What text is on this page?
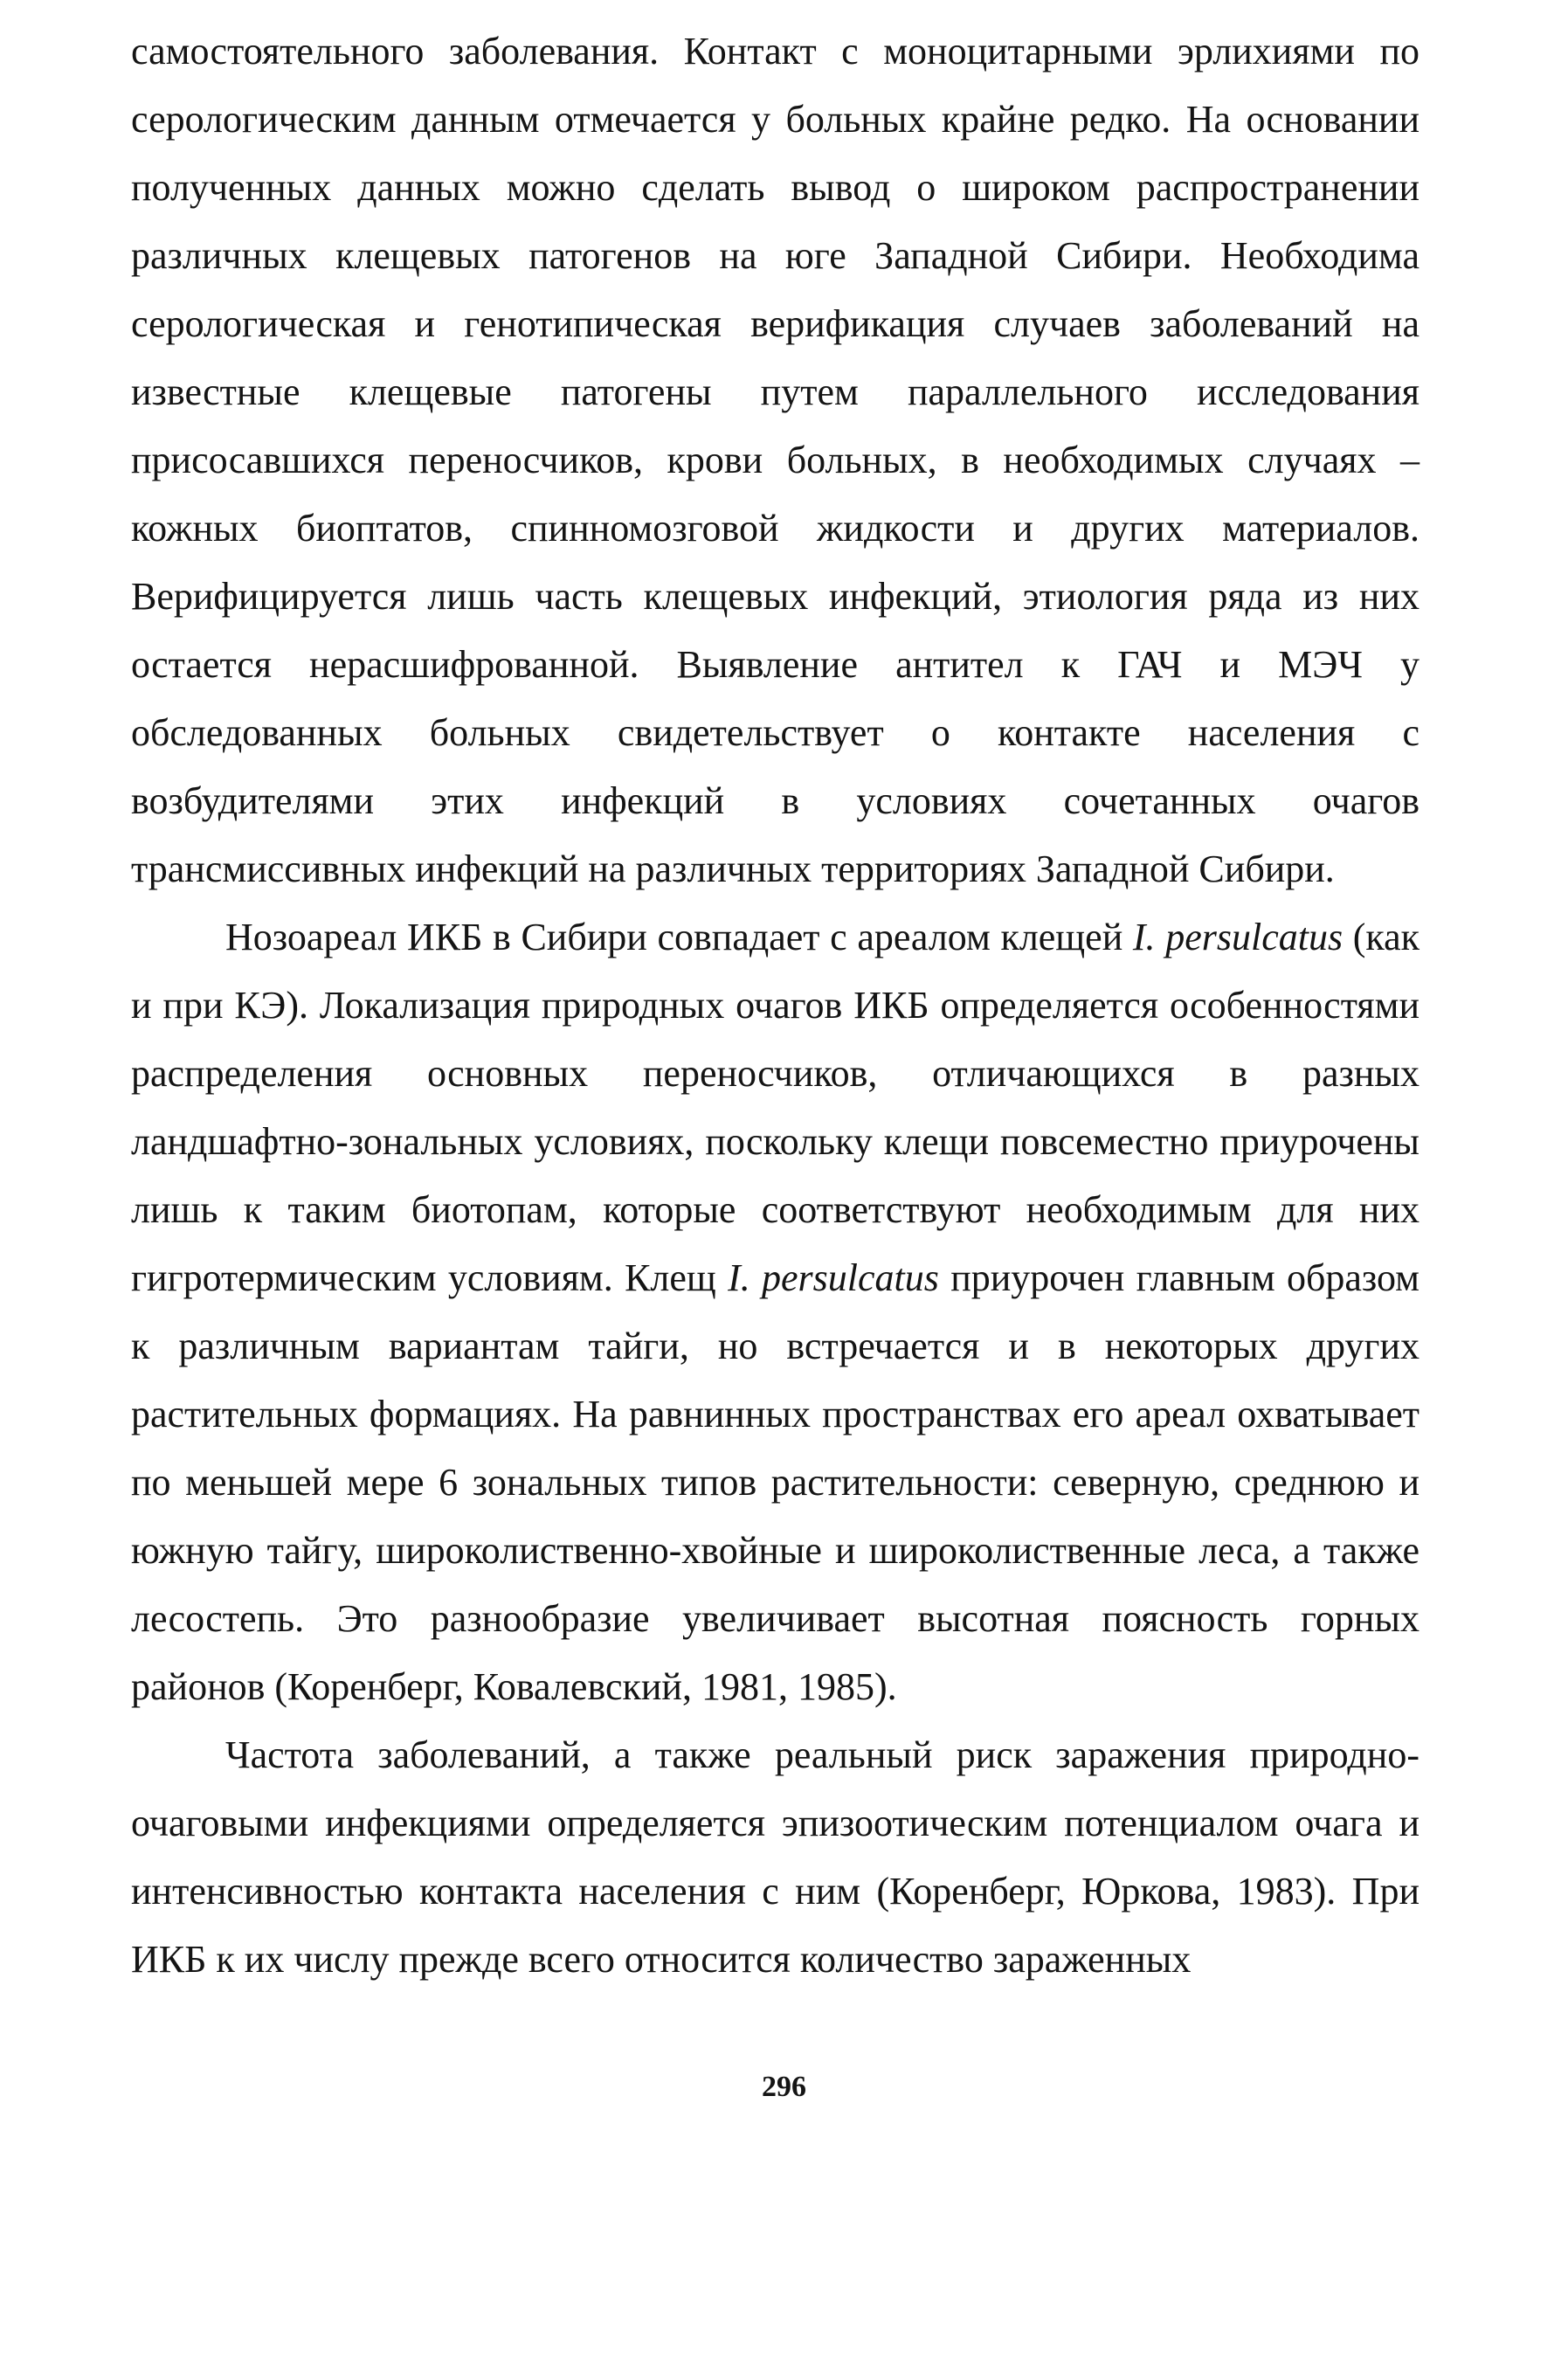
самостоятельного заболевания. Контакт с моноцитарными эрлихиями по серологическим данным отмечается у больных крайне редко. На основании полученных данных можно сделать вывод о широком распространении различных клещевых патогенов на юге Западной Сибири. Необходима серологическая и генотипическая верификация случаев заболеваний на известные клещевые патогены путем параллельного исследования присосавшихся переносчиков, крови больных, в необходимых случаях – кожных биоптатов, спинномозговой жидкости и других материалов. Верифицируется лишь часть клещевых инфекций, этиология ряда из них остается нерасшифрованной. Выявление антител к ГАЧ и МЭЧ у обследованных больных свидетельствует о контакте населения с возбудителями этих инфекций в условиях сочетанных очагов трансмиссивных инфекций на различных территориях Западной Сибири.

Нозоареал ИКБ в Сибири совпадает с ареалом клещей I. persulcatus (как и при КЭ). Локализация природных очагов ИКБ определяется особенностями распределения основных переносчиков, отличающихся в разных ландшафтно-зональных условиях, поскольку клещи повсеместно приурочены лишь к таким биотопам, которые соответствуют необходимым для них гигротермическим условиям. Клещ I. persulcatus приурочен главным образом к различным вариантам тайги, но встречается и в некоторых других растительных формациях. На равнинных пространствах его ареал охватывает по меньшей мере 6 зональных типов растительности: северную, среднюю и южную тайгу, широколиственно-хвойные и широколиственные леса, а также лесостепь. Это разнообразие увеличивает высотная поясность горных районов (Коренберг, Ковалевский, 1981, 1985).

Частота заболеваний, а также реальный риск заражения природно-очаговыми инфекциями определяется эпизоотическим потенциалом очага и интенсивностью контакта населения с ним (Коренберг, Юркова, 1983). При ИКБ к их числу прежде всего относится количество зараженных

296
